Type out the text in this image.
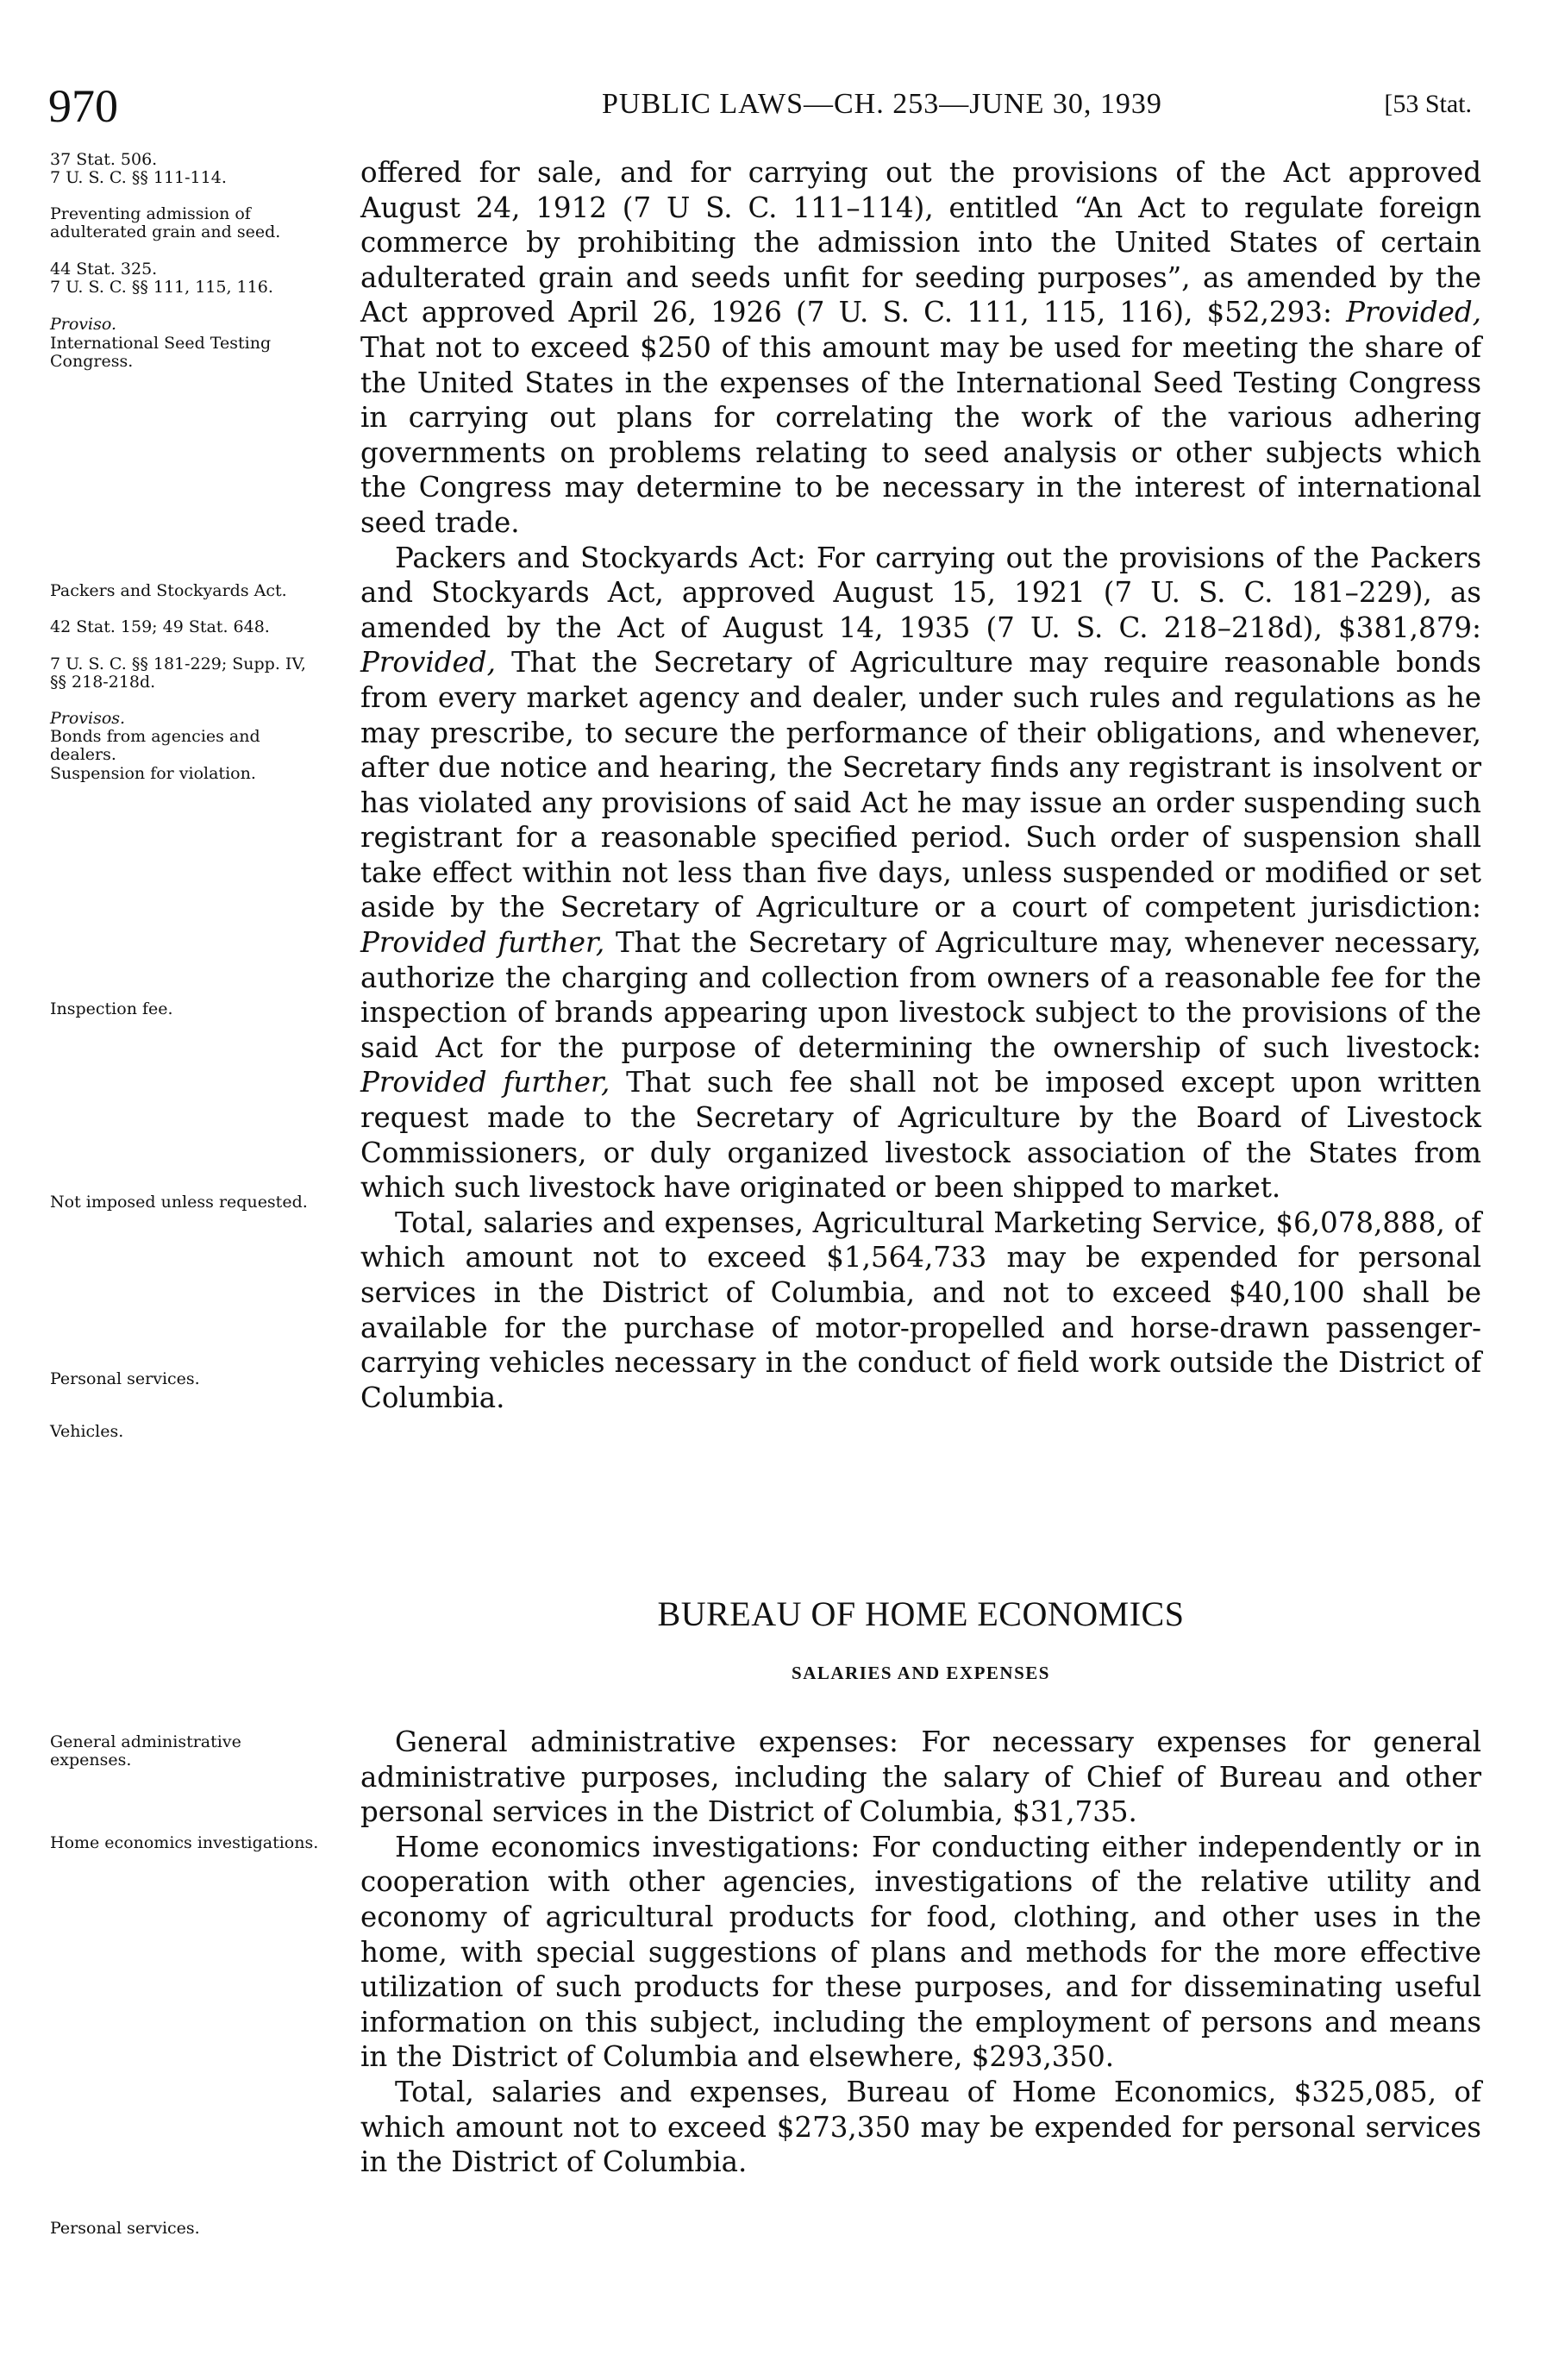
970	PUBLIC LAWS—CH. 253—JUNE 30, 1939	[53 Stat.
37 Stat. 506.
7 U. S. C. §§ 111-114.
Preventing admission of adulterated grain and seed.
44 Stat. 325.
7 U. S. C. §§ 111, 115, 116.
Proviso.
International Seed Testing Congress.
Packers and Stockyards Act.
42 Stat. 159; 49 Stat. 648.
7 U. S. C. §§ 181-229; Supp. IV, §§ 218-218d.
Provisos.
Bonds from agencies and dealers.
Suspension for violation.
Inspection fee.
Not imposed unless requested.
Personal services.
Vehicles.
General administrative expenses.
Home economics investigations.
Personal services.

offered for sale, and for carrying out the provisions of the Act approved August 24, 1912 (7 U S. C. 111–114), entitled “An Act to regulate foreign commerce by prohibiting the admission into the United States of certain adulterated grain and seeds unfit for seeding purposes”, as amended by the Act approved April 26, 1926 (7 U. S. C. 111, 115, 116), $52,293: Provided, That not to exceed $250 of this amount may be used for meeting the share of the United States in the expenses of the International Seed Testing Congress in carrying out plans for correlating the work of the various adhering governments on problems relating to seed analysis or other subjects which the Congress may determine to be necessary in the interest of international seed trade.

Packers and Stockyards Act: For carrying out the provisions of the Packers and Stockyards Act, approved August 15, 1921 (7 U. S. C. 181–229), as amended by the Act of August 14, 1935 (7 U. S. C. 218–218d), $381,879: Provided, That the Secretary of Agriculture may require reasonable bonds from every market agency and dealer, under such rules and regulations as he may prescribe, to secure the performance of their obligations, and whenever, after due notice and hearing, the Secretary finds any registrant is insolvent or has violated any provisions of said Act he may issue an order suspending such registrant for a reasonable specified period. Such order of suspension shall take effect within not less than five days, unless suspended or modified or set aside by the Secretary of Agriculture or a court of competent jurisdiction: Provided further, That the Secretary of Agriculture may, whenever necessary, authorize the charging and collection from owners of a reasonable fee for the inspection of brands appearing upon livestock subject to the provisions of the said Act for the purpose of determining the ownership of such livestock: Provided further, That such fee shall not be imposed except upon written request made to the Secretary of Agriculture by the Board of Livestock Commissioners, or duly organized livestock association of the States from which such livestock have originated or been shipped to market.

Total, salaries and expenses, Agricultural Marketing Service, $6,078,888, of which amount not to exceed $1,564,733 may be expended for personal services in the District of Columbia, and not to exceed $40,100 shall be available for the purchase of motor-propelled and horse-drawn passenger-carrying vehicles necessary in the conduct of field work outside the District of Columbia.

BUREAU OF HOME ECONOMICS
SALARIES AND EXPENSES

General administrative expenses: For necessary expenses for general administrative purposes, including the salary of Chief of Bureau and other personal services in the District of Columbia, $31,735.

Home economics investigations: For conducting either independently or in cooperation with other agencies, investigations of the relative utility and economy of agricultural products for food, clothing, and other uses in the home, with special suggestions of plans and methods for the more effective utilization of such products for these purposes, and for disseminating useful information on this subject, including the employment of persons and means in the District of Columbia and elsewhere, $293,350.

Total, salaries and expenses, Bureau of Home Economics, $325,085, of which amount not to exceed $273,350 may be expended for personal services in the District of Columbia.
